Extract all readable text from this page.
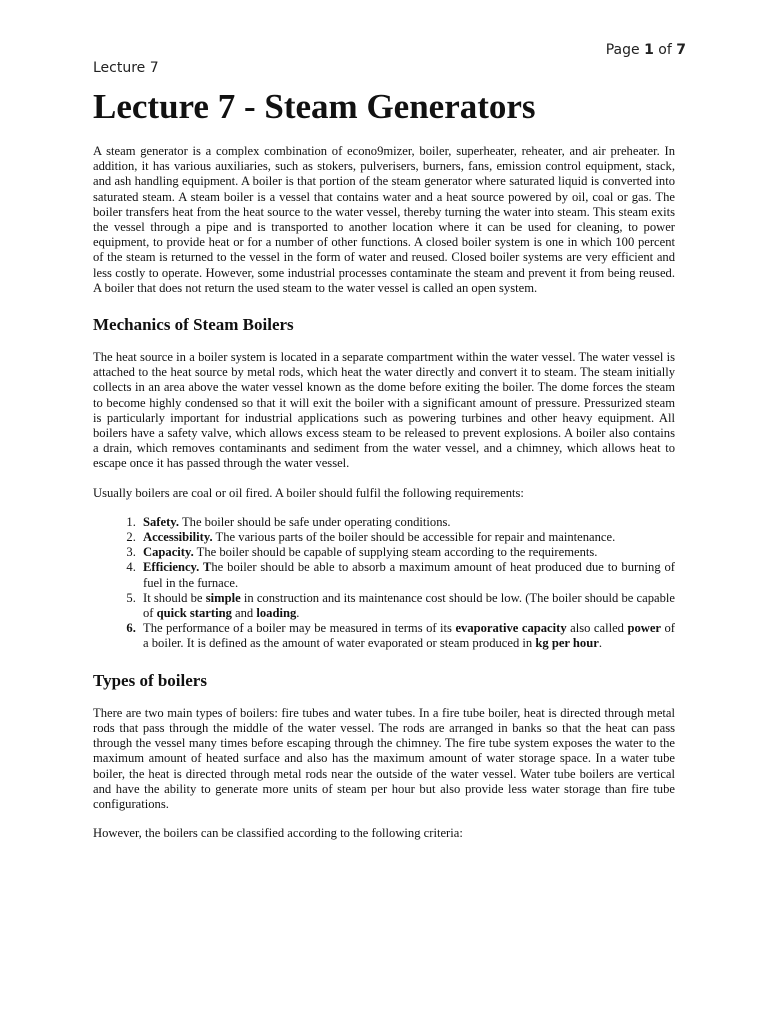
Page 1 of 7
Lecture 7
Lecture 7 - Steam Generators

A steam generator is a complex combination of econo9mizer, boiler, superheater, reheater, and air preheater. In addition, it has various auxiliaries, such as stokers, pulverisers, burners, fans, emission control equipment, stack, and ash handling equipment. A boiler is that portion of the steam generator where saturated liquid is converted into saturated steam. A steam boiler is a vessel that contains water and a heat source powered by oil, coal or gas. The boiler transfers heat from the heat source to the water vessel, thereby turning the water into steam. This steam exits the vessel through a pipe and is transported to another location where it can be used for cleaning, to power equipment, to provide heat or for a number of other functions. A closed boiler system is one in which 100 percent of the steam is returned to the vessel in the form of water and reused. Closed boiler systems are very efficient and less costly to operate. However, some industrial processes contaminate the steam and prevent it from being reused. A boiler that does not return the used steam to the water vessel is called an open system.

Mechanics of Steam Boilers

The heat source in a boiler system is located in a separate compartment within the water vessel. The water vessel is attached to the heat source by metal rods, which heat the water directly and convert it to steam. The steam initially collects in an area above the water vessel known as the dome before exiting the boiler. The dome forces the steam to become highly condensed so that it will exit the boiler with a significant amount of pressure. Pressurized steam is particularly important for industrial applications such as powering turbines and other heavy equipment. All boilers have a safety valve, which allows excess steam to be released to prevent explosions. A boiler also contains a drain, which removes contaminants and sediment from the water vessel, and a chimney, which allows heat to escape once it has passed through the water vessel.

Usually boilers are coal or oil fired. A boiler should fulfil the following requirements:

1. Safety. The boiler should be safe under operating conditions.
2. Accessibility. The various parts of the boiler should be accessible for repair and maintenance.
3. Capacity. The boiler should be capable of supplying steam according to the requirements.
4. Efficiency. The boiler should be able to absorb a maximum amount of heat produced due to burning of fuel in the furnace.
5. It should be simple in construction and its maintenance cost should be low. (The boiler should be capable of quick starting and loading.
6. The performance of a boiler may be measured in terms of its evaporative capacity also called power of a boiler. It is defined as the amount of water evaporated or steam produced in kg per hour.
Types of boilers

There are two main types of boilers: fire tubes and water tubes. In a fire tube boiler, heat is directed through metal rods that pass through the middle of the water vessel. The rods are arranged in banks so that the heat can pass through the vessel many times before escaping through the chimney. The fire tube system exposes the water to the maximum amount of heated surface and also has the maximum amount of water storage space. In a water tube boiler, the heat is directed through metal rods near the outside of the water vessel. Water tube boilers are vertical and have the ability to generate more units of steam per hour but also provide less water storage than fire tube configurations.

However, the boilers can be classified according to the following criteria:
